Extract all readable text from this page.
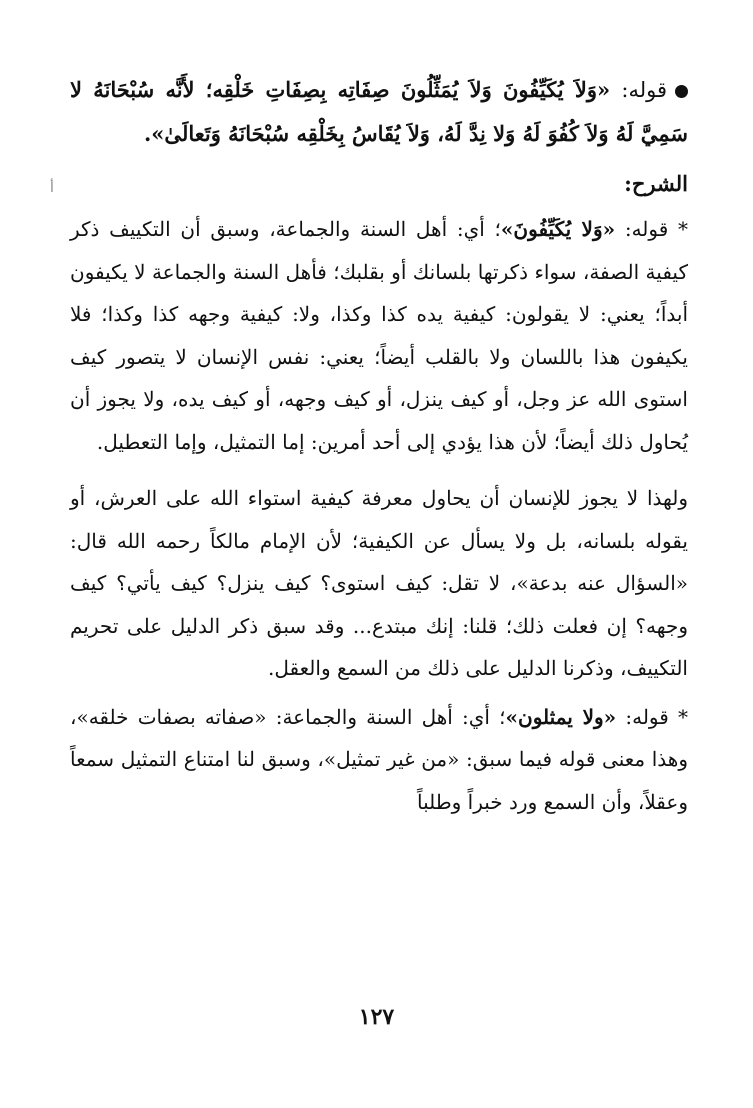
أ

قوله: «وَلاَ يُكَيِّفُونَ وَلاَ يُمَثِّلُونَ صِفَاتِه بِصِفَاتِ خَلْقِه؛ لأَنَّه سُبْحَانَهُ لا سَمِيَّ لَهُ وَلاَ كُفُوَ لَهُ وَلا نِدَّ لَهُ، وَلاَ يُقَاسُ بِخَلْقِه سُبْحَانَهُ وَتَعالَىٰ».

الشرح:

* قوله: «وَلا يُكَيِّفُونَ»؛ أي: أهل السنة والجماعة، وسبق أن التكييف ذكر كيفية الصفة، سواء ذكرتها بلسانك أو بقلبك؛ فأهل السنة والجماعة لا يكيفون أبداً؛ يعني: لا يقولون: كيفية يده كذا وكذا، ولا: كيفية وجهه كذا وكذا؛ فلا يكيفون هذا باللسان ولا بالقلب أيضاً؛ يعني: نفس الإنسان لا يتصور كيف استوى الله عز وجل، أو كيف ينزل، أو كيف وجهه، أو كيف يده، ولا يجوز أن يُحاول ذلك أيضاً؛ لأن هذا يؤدي إلى أحد أمرين: إما التمثيل، وإما التعطيل.

ولهذا لا يجوز للإنسان أن يحاول معرفة كيفية استواء الله على العرش، أو يقوله بلسانه، بل ولا يسأل عن الكيفية؛ لأن الإمام مالكاً رحمه الله قال: «السؤال عنه بدعة»، لا تقل: كيف استوى؟ كيف ينزل؟ كيف يأتي؟ كيف وجهه؟ إن فعلت ذلك؛ قلنا: إنك مبتدع... وقد سبق ذكر الدليل على تحريم التكييف، وذكرنا الدليل على ذلك من السمع والعقل.

* قوله: «ولا يمثلون»؛ أي: أهل السنة والجماعة: «صفاته بصفات خلقه»، وهذا معنى قوله فيما سبق: «من غير تمثيل»، وسبق لنا امتناع التمثيل سمعاً وعقلاً، وأن السمع ورد خبراً وطلباً

١٢٧
